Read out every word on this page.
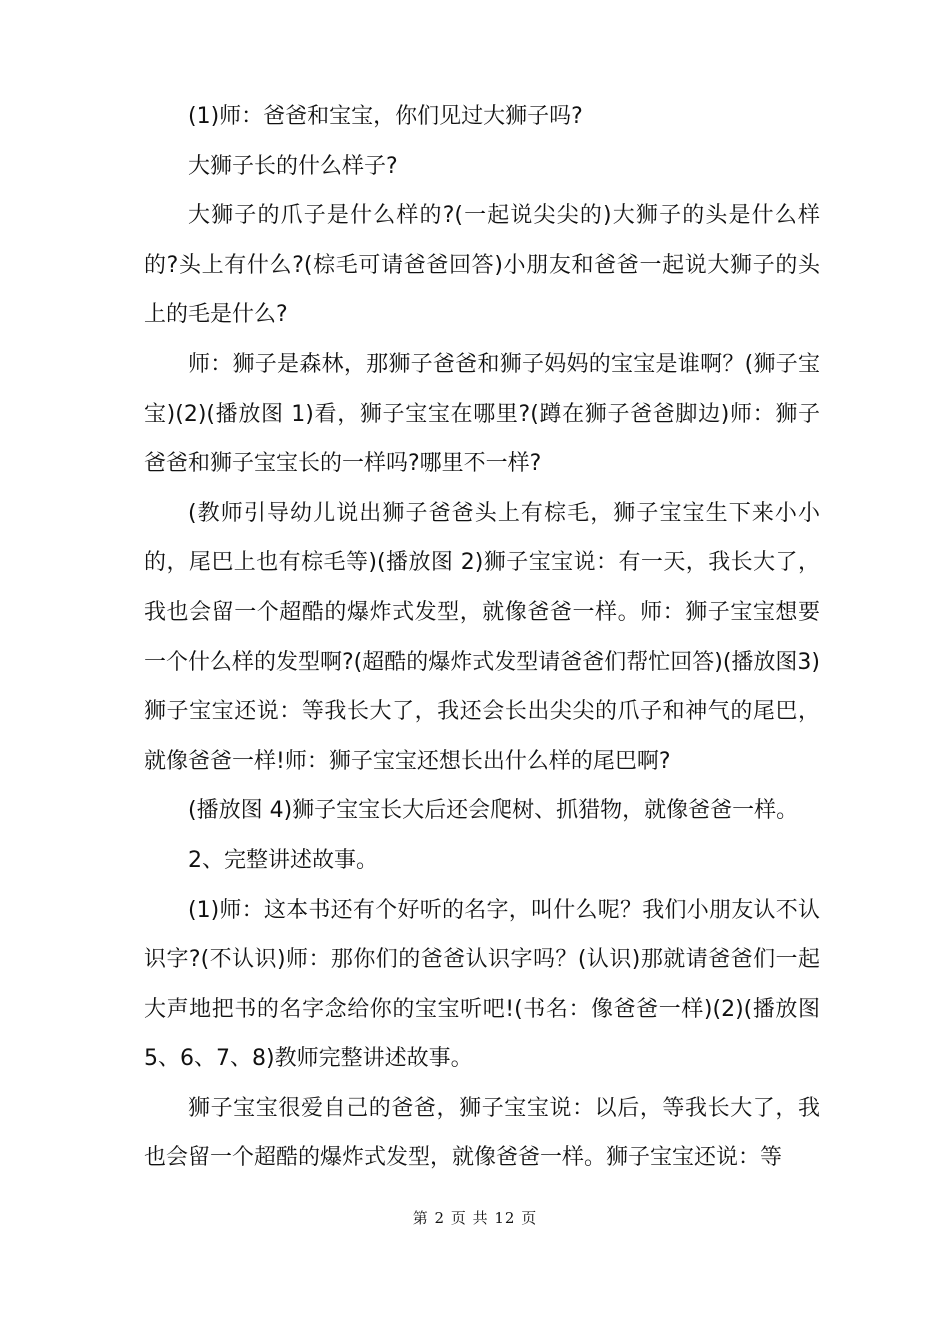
(1)师：爸爸和宝宝，你们见过大狮子吗?

大狮子长的什么样子?

大狮子的爪子是什么样的?(一起说尖尖的)大狮子的头是什么样的?头上有什么?(棕毛可请爸爸回答)小朋友和爸爸一起说大狮子的头上的毛是什么?

师：狮子是森林，那狮子爸爸和狮子妈妈的宝宝是谁啊？(狮子宝宝)(2)(播放图 1)看，狮子宝宝在哪里?(蹲在狮子爸爸脚边)师：狮子爸爸和狮子宝宝长的一样吗?哪里不一样?

(教师引导幼儿说出狮子爸爸头上有棕毛，狮子宝宝生下来小小的，尾巴上也有棕毛等)(播放图 2)狮子宝宝说：有一天，我长大了，我也会留一个超酷的爆炸式发型，就像爸爸一样。师：狮子宝宝想要一个什么样的发型啊?(超酷的爆炸式发型请爸爸们帮忙回答)(播放图3)狮子宝宝还说：等我长大了，我还会长出尖尖的爪子和神气的尾巴，就像爸爸一样!师：狮子宝宝还想长出什么样的尾巴啊?

(播放图 4)狮子宝宝长大后还会爬树、抓猎物，就像爸爸一样。

2、完整讲述故事。

(1)师：这本书还有个好听的名字，叫什么呢？我们小朋友认不认识字?(不认识)师：那你们的爸爸认识字吗？(认识)那就请爸爸们一起大声地把书的名字念给你的宝宝听吧!(书名：像爸爸一样)(2)(播放图 5、6、7、8)教师完整讲述故事。

狮子宝宝很爱自己的爸爸，狮子宝宝说：以后，等我长大了，我也会留一个超酷的爆炸式发型，就像爸爸一样。狮子宝宝还说：等

第 2 页 共 12 页
